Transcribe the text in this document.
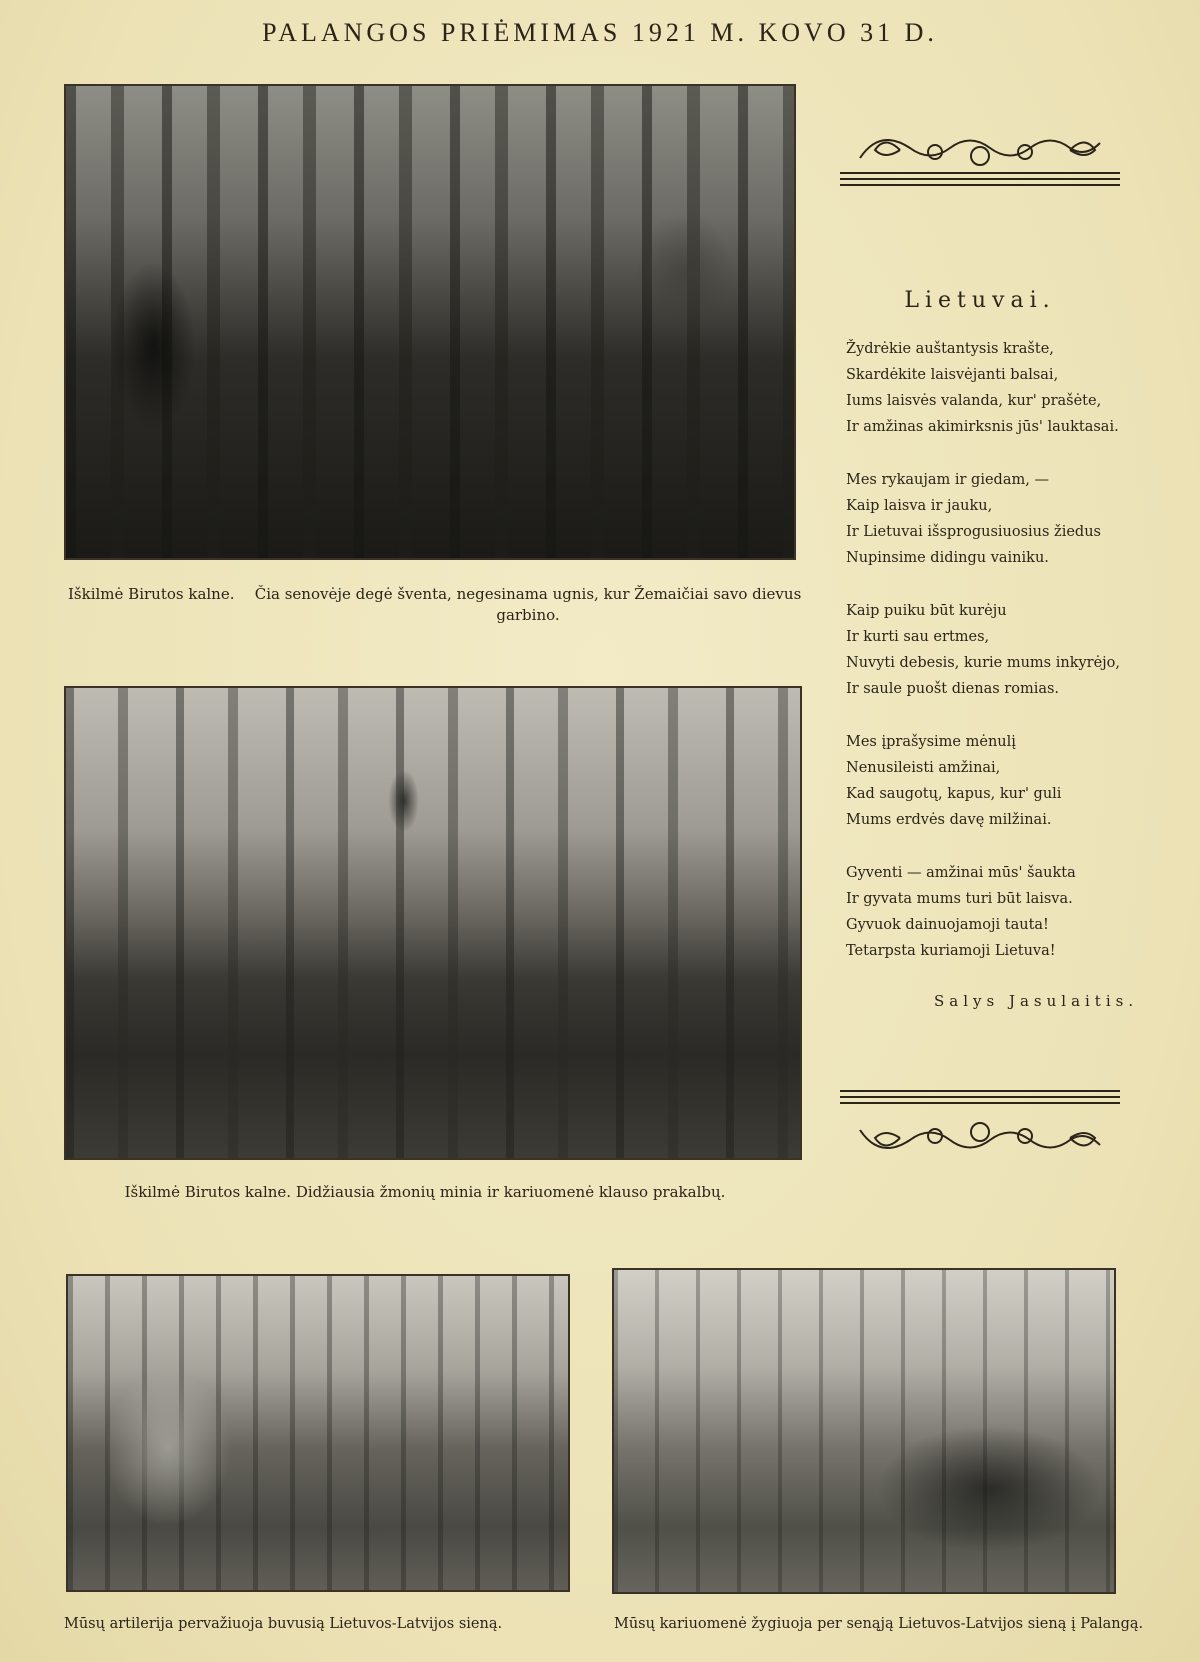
PALANGOS PRIĖMIMAS 1921 M. KOVO 31 D.
Iškilmė Birutos kalne. Čia senovėje degė šventa, negesinama ugnis, kur Žemaičiai savo dievus garbino.
Iškilmė Birutos kalne. Didžiausia žmonių minia ir kariuomenė klauso prakalbų.
Mūsų artilerija pervažiuoja buvusią Lietuvos-Latvijos sieną.	Mūsų kariuomenė žygiuoja per senąją Lietuvos-Latvijos sieną į Palangą.
Lietuvai.
Žydrėkie auštantysis krašte,
Skardėkite laisvėjanti balsai,
Iums laisvės valanda, kur' prašėte,
Ir amžinas akimirksnis jūs' lauktasai.
Mes rykaujam ir giedam, —
Kaip laisva ir jauku,
Ir Lietuvai išsprogusiuosius žiedus
Nupinsime didingu vainiku.
Kaip puiku būt kurėju
Ir kurti sau ertmes,
Nuvyti debesis, kurie mums inkyrėjo,
Ir saule puošt dienas romias.
Mes įprašysime mėnulį
Nenusileisti amžinai,
Kad saugotų, kapus, kur' guli
Mums erdvės davę milžinai.
Gyventi — amžinai mūs' šaukta
Ir gyvata mums turi būt laisva.
Gyvuok dainuojamoji tauta!
Tetarpsta kuriamoji Lietuva!
Salys Jasulaitis.
